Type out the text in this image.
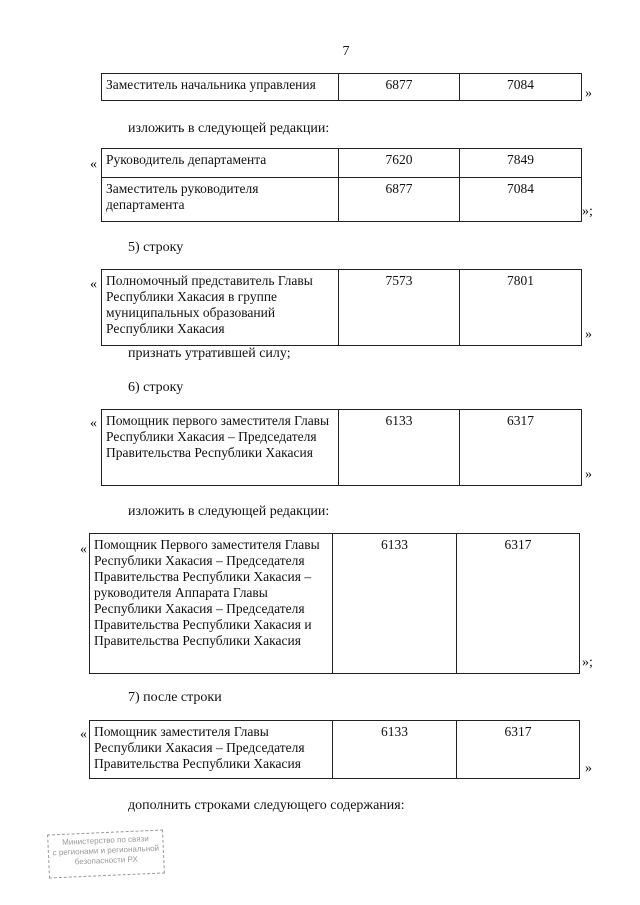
7
Заместитель начальника управления	6877	7084
»
изложить в следующей редакции:
« Руководитель департамента	7620	7849
Заместитель руководителя департамента	6877	7084
»;
5) строку
« Полномочный представитель Главы Республики Хакасия в группе муниципальных образований Республики Хакасия	7573	7801
»
признать утратившей силу;
6) строку
« Помощник первого заместителя Главы Республики Хакасия – Председателя Правительства Республики Хакасия	6133	6317
»
изложить в следующей редакции:
« Помощник Первого заместителя Главы Республики Хакасия – Председателя Правительства Республики Хакасия – руководителя Аппарата Главы Республики Хакасия – Председателя Правительства Республики Хакасия и Правительства Республики Хакасия	6133	6317
»;
7) после строки
« Помощник заместителя Главы Республики Хакасия – Председателя Правительства Республики Хакасия	6133	6317
»
дополнить строками следующего содержания:
Министерство по связи
с регионами и региональной
безопасности РХ
